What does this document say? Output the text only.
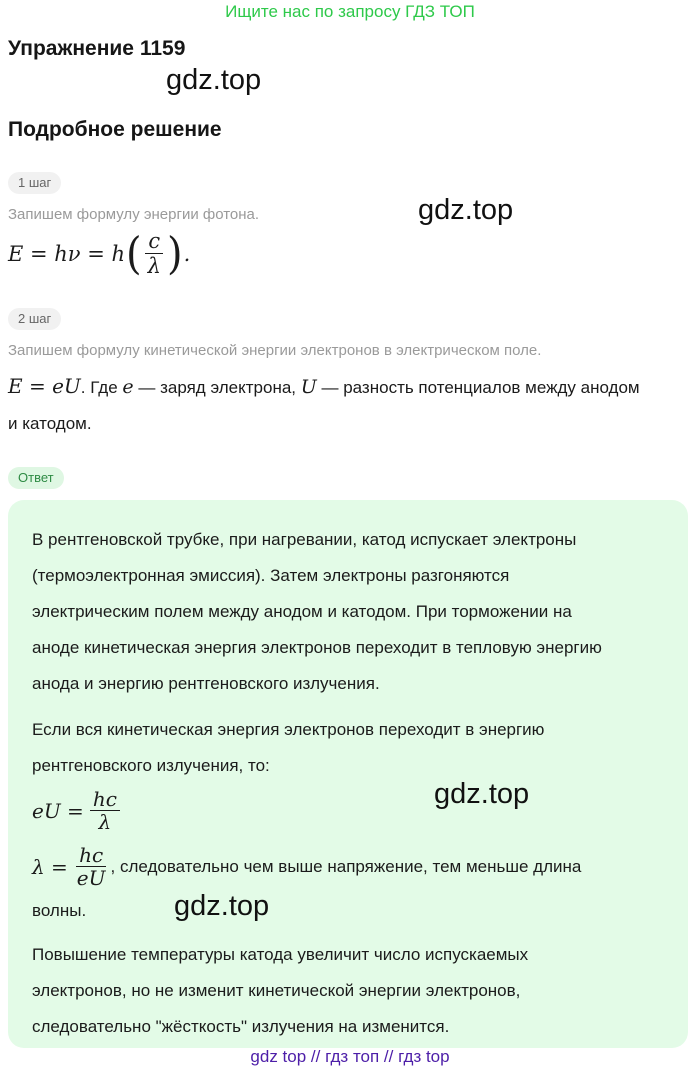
Ищите нас по запросу ГДЗ ТОП
Упражнение 1159
gdz.top
Подробное решение
1 шаг
Запишем формулу энергии фотона.	gdz.top
E = hν = h ( $\frac{c}{\lambda}$ ) .
2 шаг
Запишем формулу кинетической энергии электронов в электрическом поле.
E = eU. Где e — заряд электрона, U — разность потенциалов между анодом
и катодом.
Ответ
В рентгеновской трубке, при нагревании, катод испускает электроны
(термоэлектронная эмиссия). Затем электроны разгоняются
электрическим полем между анодом и катодом. При торможении на
аноде кинетическая энергия электронов переходит в тепловую энергию
анода и энергию рентгеновского излучения.
Если вся кинетическая энергия электронов переходит в энергию
рентгеновского излучения, то:
eU = $\frac{hc}{\lambda}$	gdz.top
$\lambda = \frac{hc}{eU}$ , следовательно чем выше напряжение, тем меньше длина
волны.	gdz.top
Повышение температуры катода увеличит число испускаемых
электронов, но не изменит кинетической энергии электронов,
следовательно "жёсткость" излучения на изменится.
gdz top // гдз топ // гдз top
